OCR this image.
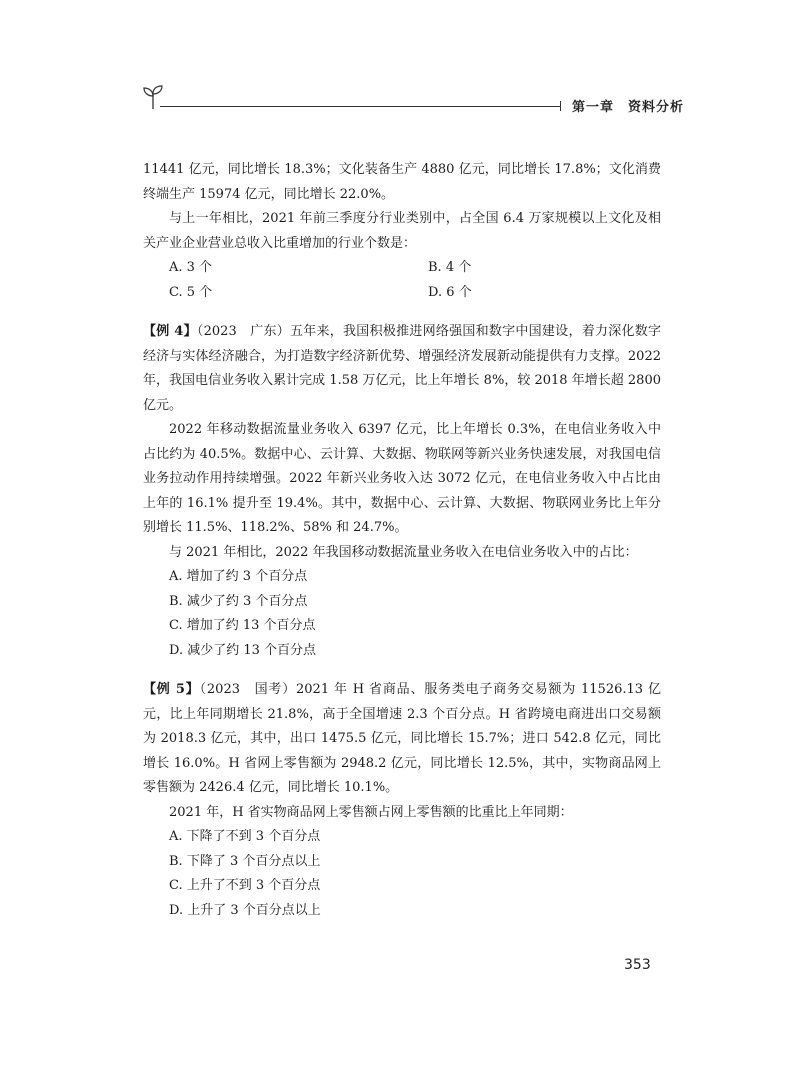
第一章　 资料分析

11441 亿元，同比增长 18.3%；文化装备生产 4880 亿元，同比增长 17.8%；文化消费终端生产 15974 亿元，同比增长 22.0%。

与上一年相比，2021 年前三季度分行业类别中，占全国 6.4 万家规模以上文化及相关产业企业营业总收入比重增加的行业个数是：

A. 3 个	B. 4 个
C. 5 个	D. 6 个

【例 4】（2023　广东）五年来，我国积极推进网络强国和数字中国建设，着力深化数字经济与实体经济融合，为打造数字经济新优势、增强经济发展新动能提供有力支撑。2022 年，我国电信业务收入累计完成 1.58 万亿元，比上年增长 8%，较 2018 年增长超 2800 亿元。

2022 年移动数据流量业务收入 6397 亿元，比上年增长 0.3%，在电信业务收入中占比约为 40.5%。数据中心、云计算、大数据、物联网等新兴业务快速发展，对我国电信业务拉动作用持续增强。2022 年新兴业务收入达 3072 亿元，在电信业务收入中占比由上年的 16.1% 提升至 19.4%。其中，数据中心、云计算、大数据、物联网业务比上年分别增长 11.5%、118.2%、58% 和 24.7%。

与 2021 年相比，2022 年我国移动数据流量业务收入在电信业务收入中的占比：

A. 增加了约 3 个百分点
B. 减少了约 3 个百分点
C. 增加了约 13 个百分点
D. 减少了约 13 个百分点

【例 5】（2023　国考）2021 年 H 省商品、服务类电子商务交易额为 11526.13 亿元，比上年同期增长 21.8%，高于全国增速 2.3 个百分点。H 省跨境电商进出口交易额为 2018.3 亿元，其中，出口 1475.5 亿元，同比增长 15.7%；进口 542.8 亿元，同比增长 16.0%。H 省网上零售额为 2948.2 亿元，同比增长 12.5%，其中，实物商品网上零售额为 2426.4 亿元，同比增长 10.1%。

2021 年，H 省实物商品网上零售额占网上零售额的比重比上年同期：

A. 下降了不到 3 个百分点
B. 下降了 3 个百分点以上
C. 上升了不到 3 个百分点
D. 上升了 3 个百分点以上
353
